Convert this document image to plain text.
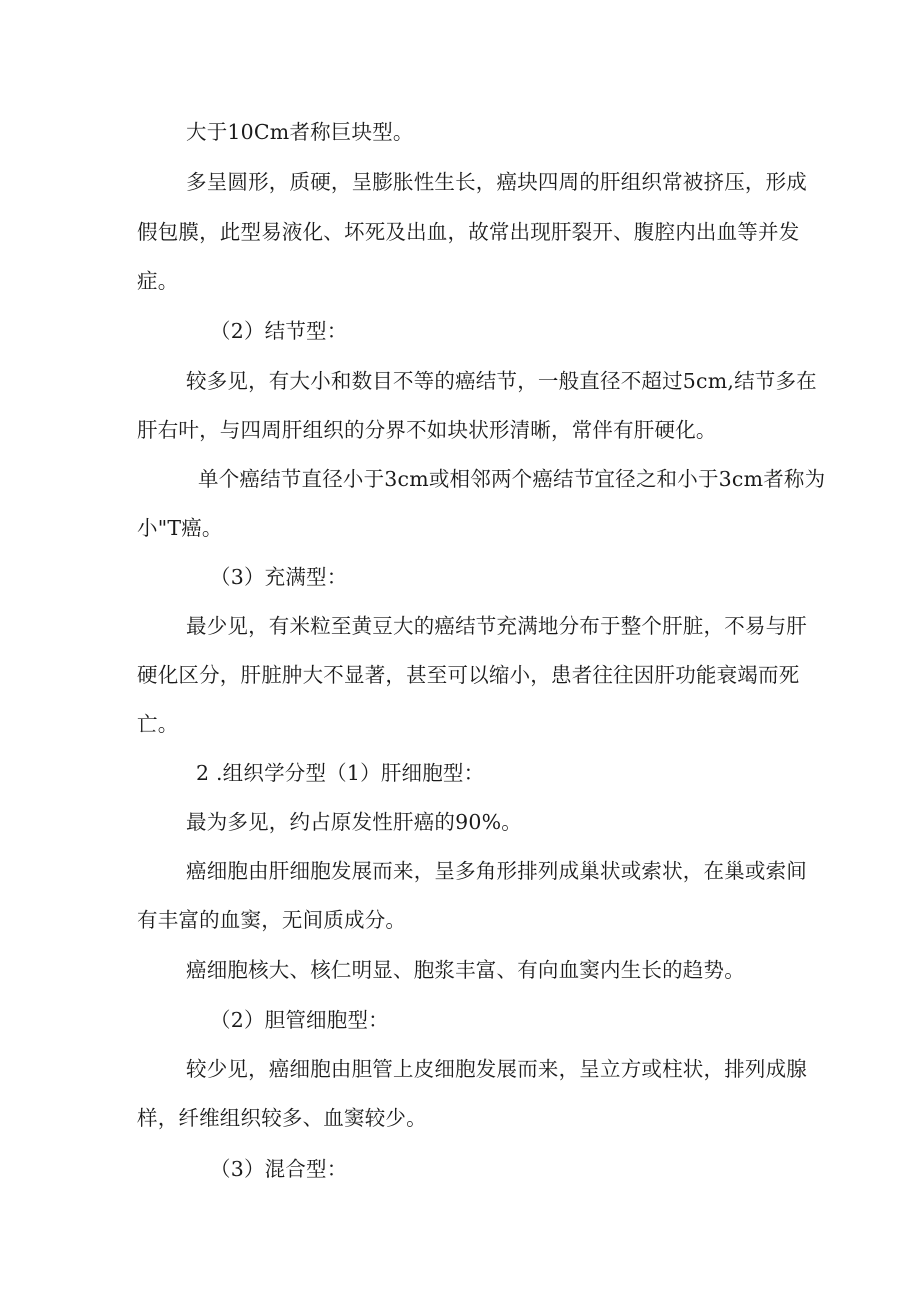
大于10Cm者称巨块型。
多呈圆形，质硬，呈膨胀性生长，癌块四周的肝组织常被挤压，形成
假包膜，此型易液化、坏死及出血，故常出现肝裂开、腹腔内出血等并发
症。
（2）结节型：
较多见，有大小和数目不等的癌结节，一般直径不超过5cm,结节多在
肝右叶，与四周肝组织的分界不如块状形清晰，常伴有肝硬化。
单个癌结节直径小于3cm或相邻两个癌结节宜径之和小于3cm者称为
小"T癌。
（3）充满型：
最少见，有米粒至黄豆大的癌结节充满地分布于整个肝脏，不易与肝
硬化区分，肝脏肿大不显著，甚至可以缩小，患者往往因肝功能衰竭而死
亡。
2 .组织学分型（1）肝细胞型：
最为多见，约占原发性肝癌的90%。
癌细胞由肝细胞发展而来，呈多角形排列成巢状或索状，在巢或索间
有丰富的血窦，无间质成分。
癌细胞核大、核仁明显、胞浆丰富、有向血窦内生长的趋势。
（2）胆管细胞型：
较少见，癌细胞由胆管上皮细胞发展而来，呈立方或柱状，排列成腺
样，纤维组织较多、血窦较少。
（3）混合型：
